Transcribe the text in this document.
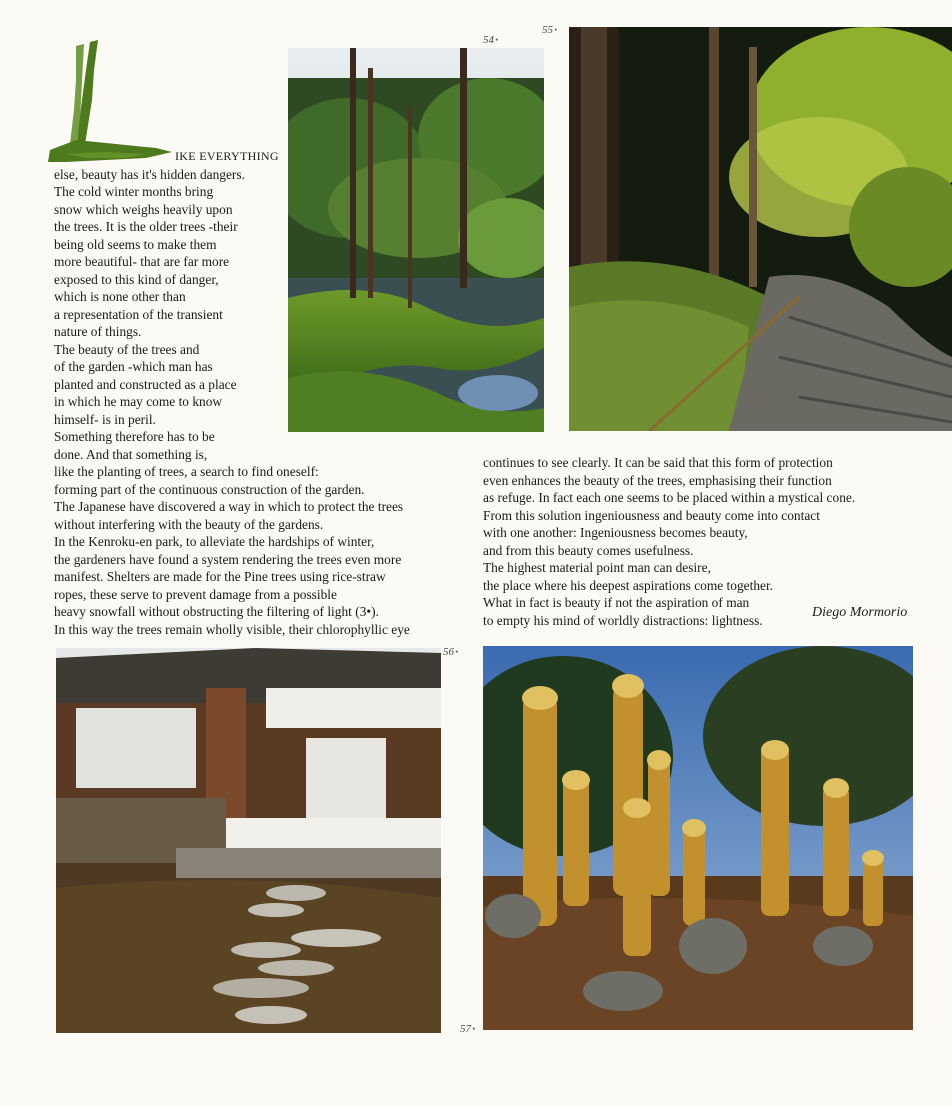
IKE EVERYTHING
else, beauty has it's hidden dangers.
The cold winter months bring
snow which weighs heavily upon
the trees. It is the older trees -their
being old seems to make them
more beautiful- that are far more
exposed to this kind of danger,
which is none other than
a representation of the transient
nature of things.
The beauty of the trees and
of the garden -which man has
planted and constructed as a place
in which he may come to know
himself- is in peril.
Something therefore has to be
done. And that something is,
like the planting of trees, a search to find oneself:
forming part of the continuous construction of the garden.
The Japanese have discovered a way in which to protect the trees
without interfering with the beauty of the gardens.
In the Kenroku-en park, to alleviate the hardships of winter,
the gardeners have found a system rendering the trees even more
manifest. Shelters are made for the Pine trees using rice-straw
ropes, these serve to prevent damage from a possible
heavy snowfall without obstructing the filtering of light (3•).
In this way the trees remain wholly visible, their chlorophyllic eye
continues to see clearly. It can be said that this form of protection
even enhances the beauty of the trees, emphasising their function
as refuge. In fact each one seems to be placed within a mystical cone.
From this solution ingeniousness and beauty come into contact
with one another: Ingeniousness becomes beauty,
and from this beauty comes usefulness.
The highest material point man can desire,
the place where his deepest aspirations come together.
What in fact is beauty if not the aspiration of man
to empty his mind of worldly distractions: lightness.	Diego Mormorio
54 ●
55 ●
56 ●
57 ●
